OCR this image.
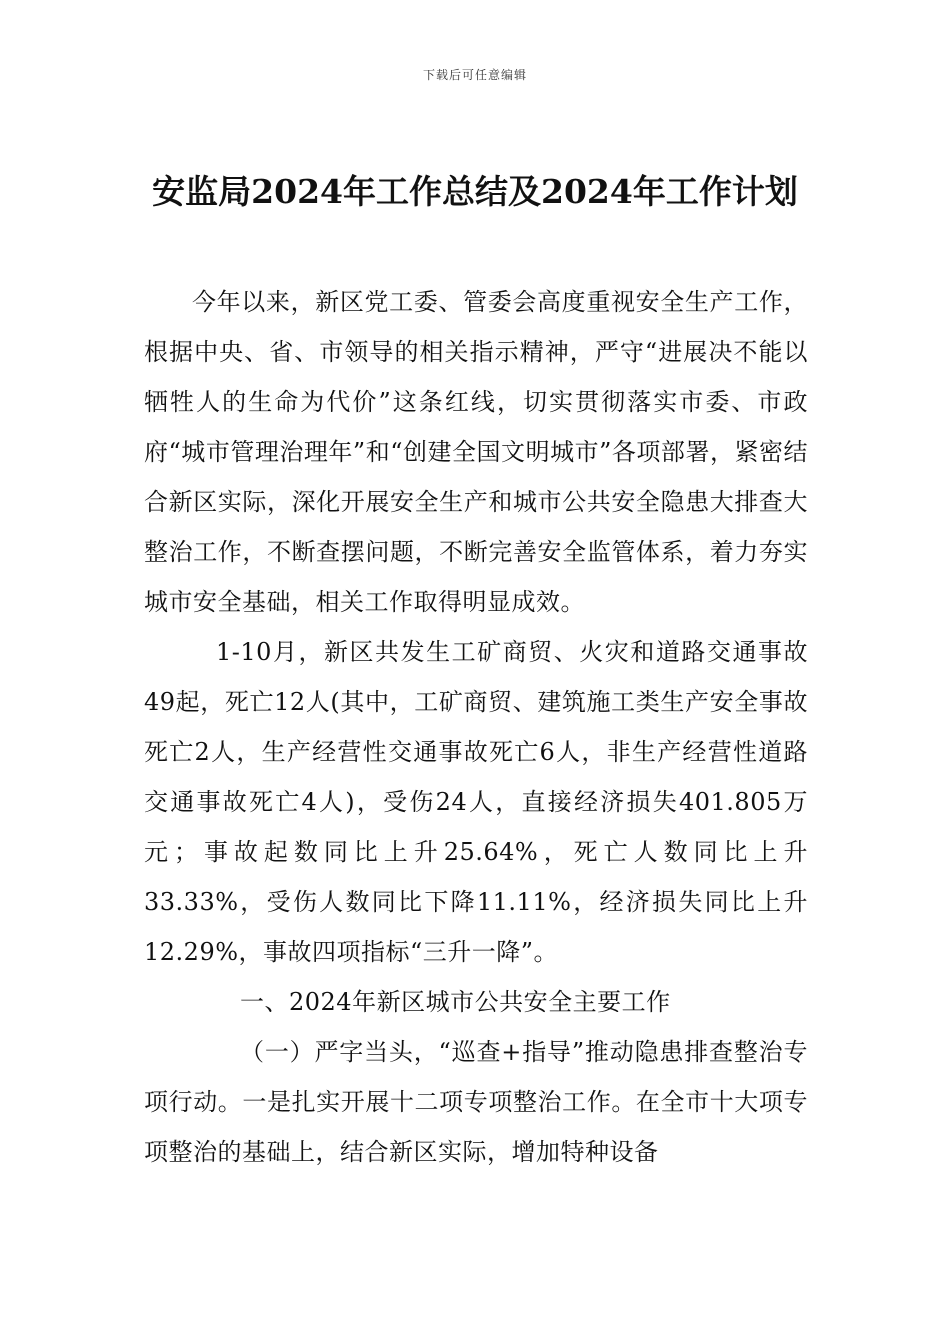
下载后可任意编辑
安监局2024年工作总结及2024年工作计划

今年以来，新区党工委、管委会高度重视安全生产工作，根据中央、省、市领导的相关指示精神，严守“进展决不能以牺牲人的生命为代价”这条红线，切实贯彻落实市委、市政府“城市管理治理年”和“创建全国文明城市”各项部署，紧密结合新区实际，深化开展安全生产和城市公共安全隐患大排查大整治工作，不断查摆问题，不断完善安全监管体系，着力夯实城市安全基础，相关工作取得明显成效。

1-10月，新区共发生工矿商贸、火灾和道路交通事故49起，死亡12人(其中，工矿商贸、建筑施工类生产安全事故死亡2人，生产经营性交通事故死亡6人，非生产经营性道路交通事故死亡4人)，受伤24人，直接经济损失401.805万元；事故起数同比上升25.64%，死亡人数同比上升33.33%，受伤人数同比下降11.11%，经济损失同比上升12.29%，事故四项指标“三升一降”。

一、2024年新区城市公共安全主要工作

（一）严字当头，“巡查+指导”推动隐患排查整治专项行动。一是扎实开展十二项专项整治工作。在全市十大项专项整治的基础上，结合新区实际，增加特种设备
